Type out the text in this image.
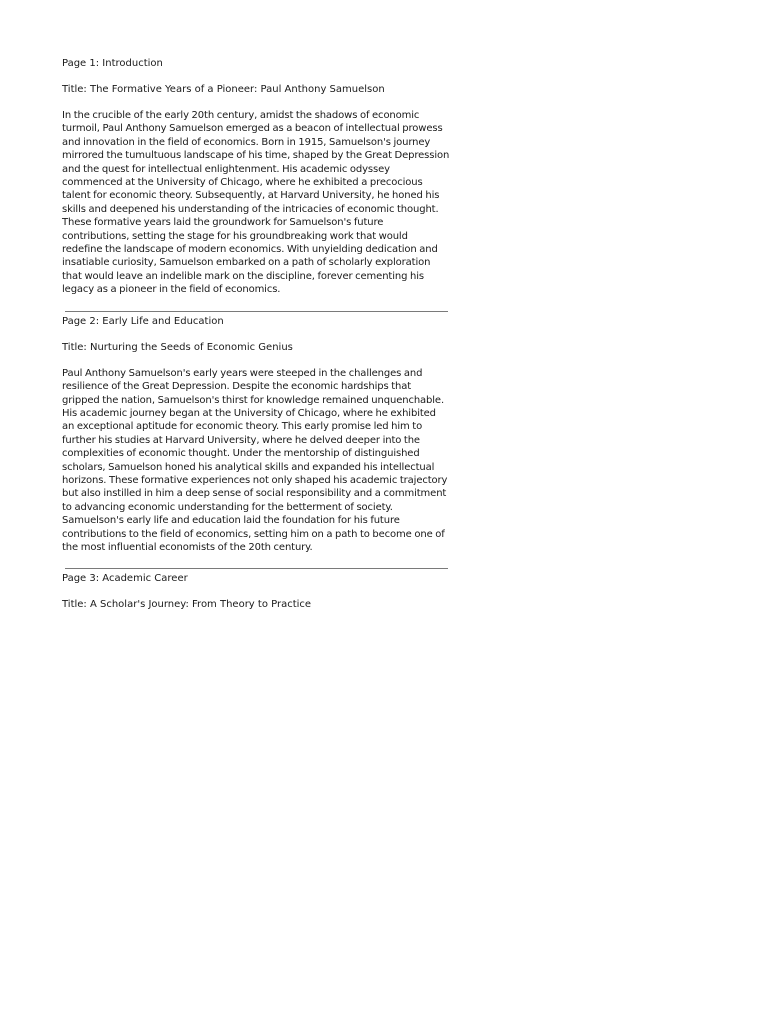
Page 1: Introduction

Title: The Formative Years of a Pioneer: Paul Anthony Samuelson

In the crucible of the early 20th century, amidst the shadows of economic turmoil, Paul Anthony Samuelson emerged as a beacon of intellectual prowess and innovation in the field of economics. Born in 1915, Samuelson's journey mirrored the tumultuous landscape of his time, shaped by the Great Depression and the quest for intellectual enlightenment. His academic odyssey commenced at the University of Chicago, where he exhibited a precocious talent for economic theory. Subsequently, at Harvard University, he honed his skills and deepened his understanding of the intricacies of economic thought. These formative years laid the groundwork for Samuelson's future contributions, setting the stage for his groundbreaking work that would redefine the landscape of modern economics. With unyielding dedication and insatiable curiosity, Samuelson embarked on a path of scholarly exploration that would leave an indelible mark on the discipline, forever cementing his legacy as a pioneer in the field of economics.

Page 2: Early Life and Education

Title: Nurturing the Seeds of Economic Genius

Paul Anthony Samuelson's early years were steeped in the challenges and resilience of the Great Depression. Despite the economic hardships that gripped the nation, Samuelson's thirst for knowledge remained unquenchable. His academic journey began at the University of Chicago, where he exhibited an exceptional aptitude for economic theory. This early promise led him to further his studies at Harvard University, where he delved deeper into the complexities of economic thought. Under the mentorship of distinguished scholars, Samuelson honed his analytical skills and expanded his intellectual horizons. These formative experiences not only shaped his academic trajectory but also instilled in him a deep sense of social responsibility and a commitment to advancing economic understanding for the betterment of society. Samuelson's early life and education laid the foundation for his future contributions to the field of economics, setting him on a path to become one of the most influential economists of the 20th century.

Page 3: Academic Career

Title: A Scholar's Journey: From Theory to Practice
